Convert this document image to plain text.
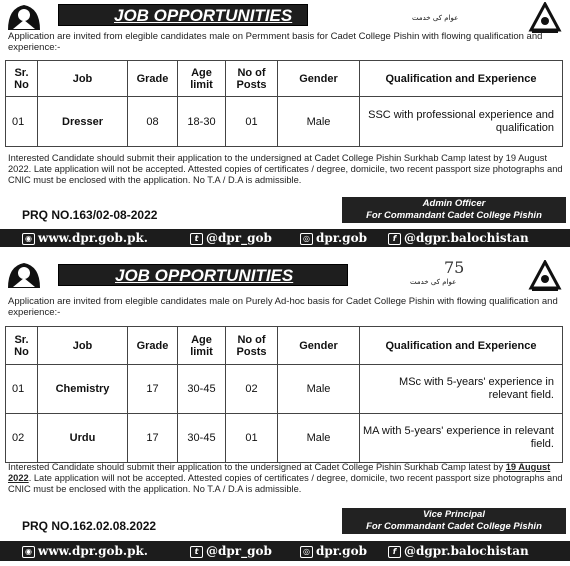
JOB OPPORTUNITIES	عوام کی خدمت

Application are invited from elegible candidates male on Permment basis for Cadet College Pishin with flowing qualification and experience:-

Sr. No	Job	Grade	Age limit	No of Posts	Gender	Qualification and Experience
01	Dresser	08	18-30	01	Male	SSC with professional experience and qualification

Interested Candidate should submit their application to the undersigned at Cadet College Pishin Surkhab Camp latest by 19 August 2022. Late application will not be accepted. Attested copies of certificates / degree, domicile, two recent passport size photographs and CNIC must be enclosed with the application. No T.A / D.A is admissible.

PRQ NO.163/02-08-2022
Admin Officer
For Commandant Cadet College Pishin
◉ www.dpr.gob.pk.	t @dpr_gob	◎ dpr.gob	f @dgpr.balochistan
JOB OPPORTUNITIES	75
عوام کی خدمت

Application are invited from elegible candidates male on Purely Ad-hoc basis for Cadet College Pishin with flowing qualification and experience:-

Sr. No	Job	Grade	Age limit	No of Posts	Gender	Qualification and Experience
01	Chemistry	17	30-45	02	Male	MSc with 5-years' experience in relevant field.
02	Urdu	17	30-45	01	Male	MA with 5-years' experience in relevant field.

Interested Candidate should submit their application to the undersigned at Cadet College Pishin Surkhab Camp latest by 19 August 2022. Late application will not be accepted. Attested copies of certificates / degree, domicile, two recent passport size photographs and CNIC must be enclosed with the application. No T.A / D.A is admissible.

PRQ NO.162.02.08.2022
Vice Principal
For Commandant Cadet College Pishin
◉ www.dpr.gob.pk.	t @dpr_gob	◎ dpr.gob	f @dgpr.balochistan
